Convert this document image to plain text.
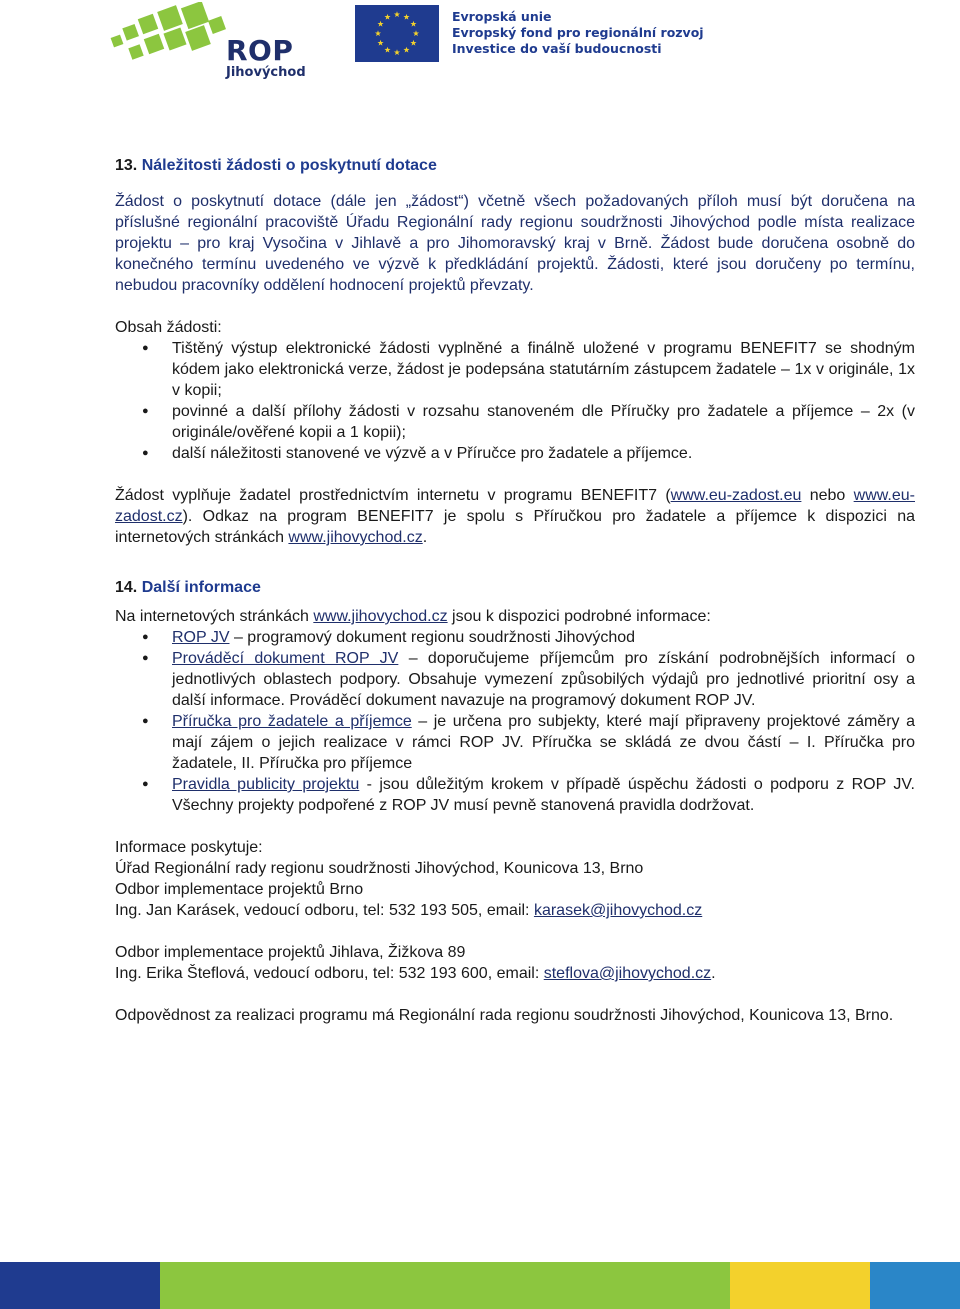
ROP
Jihovýchod
Evropská unie
Evropský fond pro regionální rozvoj
Investice do vaší budoucnosti
13. Náležitosti žádosti o poskytnutí dotace

Žádost o poskytnutí dotace (dále jen „žádost“) včetně všech požadovaných příloh musí být doručena na příslušné regionální pracoviště Úřadu Regionální rady regionu soudržnosti Jihovýchod podle místa realizace projektu – pro kraj Vysočina v Jihlavě a pro Jihomoravský kraj v Brně. Žádost bude doručena osobně do konečného termínu uvedeného ve výzvě k předkládání projektů. Žádosti, které jsou doručeny po termínu, nebudou pracovníky oddělení hodnocení projektů převzaty.

Obsah žádosti:

● Tištěný výstup elektronické žádosti vyplněné a finálně uložené v programu BENEFIT7 se shodným kódem jako elektronická verze, žádost je podepsána statutárním zástupcem žadatele – 1x v originále, 1x v kopii;
● povinné a další přílohy žádosti v rozsahu stanoveném dle Příručky pro žadatele a příjemce – 2x (v originále/ověřené kopii a 1 kopii);
● další náležitosti stanovené ve výzvě a v Příručce pro žadatele a příjemce.

Žádost vyplňuje žadatel prostřednictvím internetu v programu BENEFIT7 (www.eu-zadost.eu nebo www.eu-zadost.cz). Odkaz na program BENEFIT7 je spolu s Příručkou pro žadatele a příjemce k dispozici na internetových stránkách www.jihovychod.cz.

14. Další informace

Na internetových stránkách www.jihovychod.cz jsou k dispozici podrobné informace:

● ROP JV – programový dokument regionu soudržnosti Jihovýchod
● Prováděcí dokument ROP JV – doporučujeme příjemcům pro získání podrobnějších informací o jednotlivých oblastech podpory. Obsahuje vymezení způsobilých výdajů pro jednotlivé prioritní osy a další informace. Prováděcí dokument navazuje na programový dokument ROP JV.
● Příručka pro žadatele a příjemce – je určena pro subjekty, které mají připraveny projektové záměry a mají zájem o jejich realizace v rámci ROP JV. Příručka se skládá ze dvou částí – I. Příručka pro žadatele, II. Příručka pro příjemce
● Pravidla publicity projektu - jsou důležitým krokem v případě úspěchu žádosti o podporu z ROP JV. Všechny projekty podpořené z ROP JV musí pevně stanovená pravidla dodržovat.

Informace poskytuje:

Úřad Regionální rady regionu soudržnosti Jihovýchod, Kounicova 13, Brno

Odbor implementace projektů Brno

Ing. Jan Karásek, vedoucí odboru, tel: 532 193 505, email: karasek@jihovychod.cz

Odbor implementace projektů Jihlava, Žižkova 89

Ing. Erika Šteflová, vedoucí odboru, tel: 532 193 600, email: steflova@jihovychod.cz.

Odpovědnost za realizaci programu má Regionální rada regionu soudržnosti Jihovýchod, Kounicova 13, Brno.
